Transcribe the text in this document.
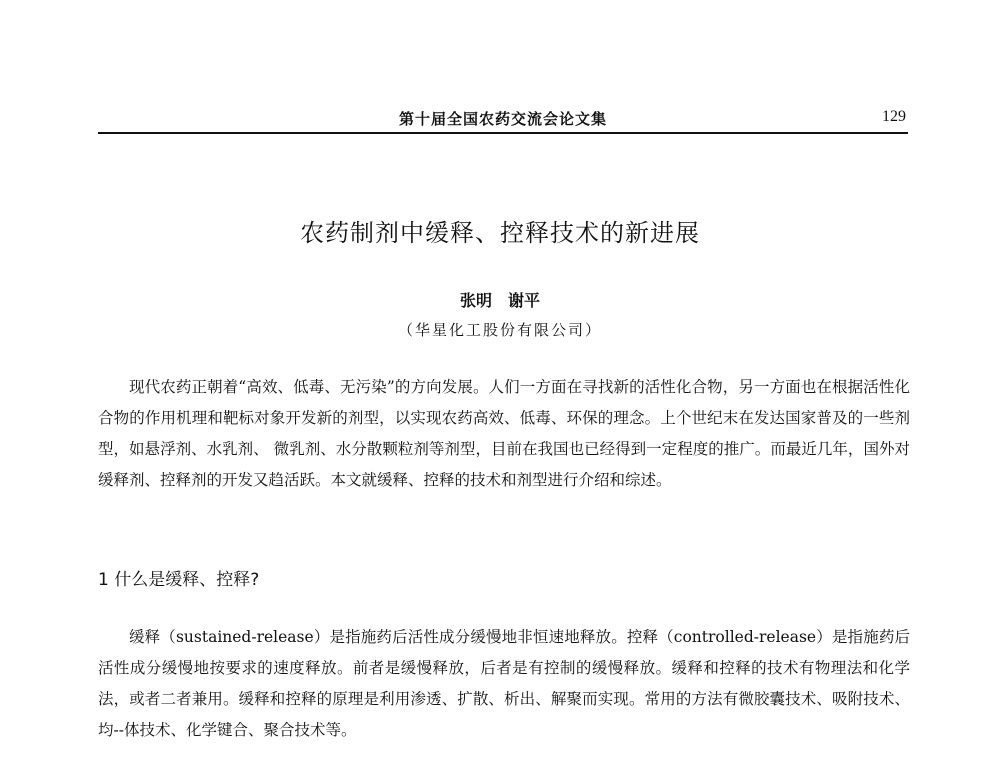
第十届全国农药交流会论文集	129
农药制剂中缓释、控释技术的新进展
张明　谢平
（华星化工股份有限公司）

现代农药正朝着“高效、低毒、无污染”的方向发展。人们一方面在寻找新的活性化合物，另一方面也在根据活性化合物的作用机理和靶标对象开发新的剂型，以实现农药高效、低毒、环保的理念。上个世纪末在发达国家普及的一些剂型，如悬浮剂、水乳剂、 微乳剂、水分散颗粒剂等剂型，目前在我国也已经得到一定程度的推广。而最近几年，国外对缓释剂、控释剂的开发又趋活跃。本文就缓释、控释的技术和剂型进行介绍和综述。

1 什么是缓释、控释?

缓释（sustained-release）是指施药后活性成分缓慢地非恒速地释放。控释（controlled-release）是指施药后活性成分缓慢地按要求的速度释放。前者是缓慢释放，后者是有控制的缓慢释放。缓释和控释的技术有物理法和化学法，或者二者兼用。缓释和控释的原理是利用渗透、扩散、析出、解聚而实现。常用的方法有微胶囊技术、吸附技术、均--体技术、化学键合、聚合技术等。
